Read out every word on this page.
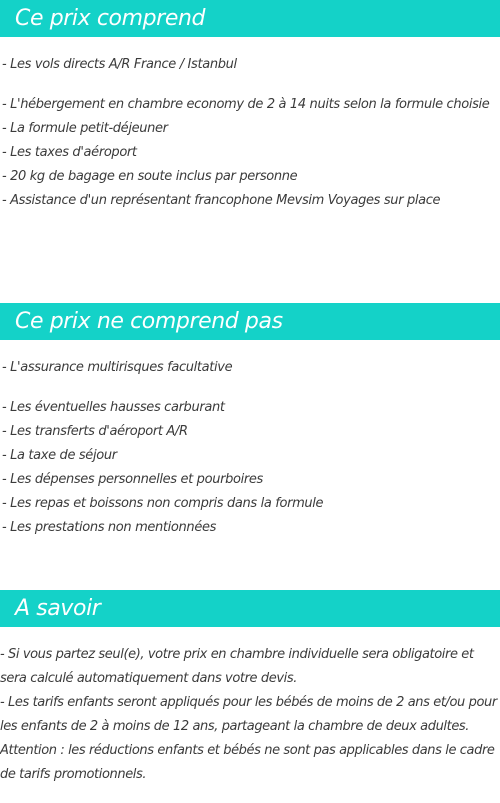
Ce prix comprend
- Les vols directs A/R France / Istanbul
- L'hébergement en chambre economy de 2 à 14 nuits selon la formule choisie
- La formule petit-déjeuner
- Les taxes d'aéroport
- 20 kg de bagage en soute inclus par personne
- Assistance d'un représentant francophone Mevsim Voyages sur place
Ce prix ne comprend pas
- L'assurance multirisques facultative
- Les éventuelles hausses carburant
- Les transferts d'aéroport A/R
- La taxe de séjour
- Les dépenses personnelles et pourboires
- Les repas et boissons non compris dans la formule
- Les prestations non mentionnées
A savoir

- Si vous partez seul(e), votre prix en chambre individuelle sera obligatoire et sera calculé automatiquement dans votre devis.

- Les tarifs enfants seront appliqués pour les bébés de moins de 2 ans et/ou pour les enfants de 2 à moins de 12 ans, partageant la chambre de deux adultes. Attention : les réductions enfants et bébés ne sont pas applicables dans le cadre de tarifs promotionnels.
